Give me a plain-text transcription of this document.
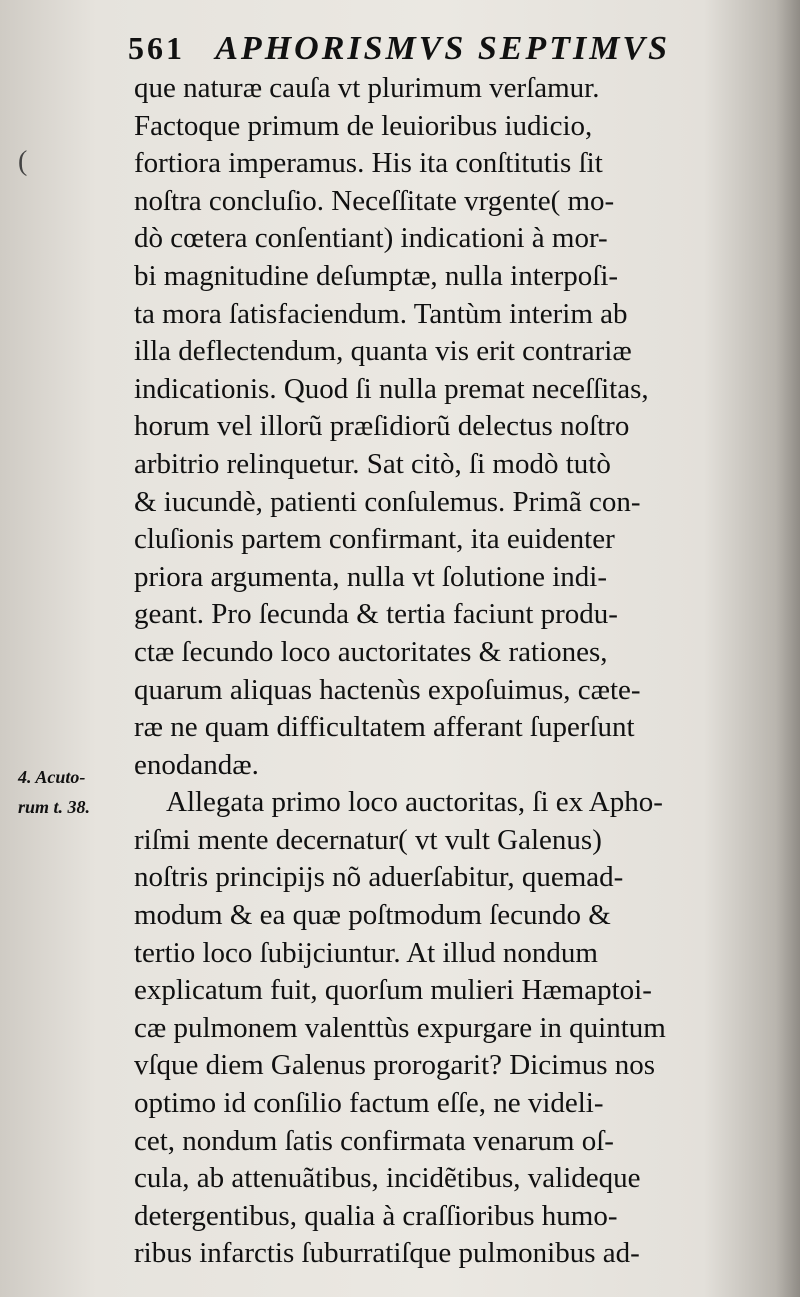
561 APHORISMVS SEPTIMVS
(
4. Acuto-
rum t. 38.
que naturæ cauſa vt plurimum verſamur.
Factoque primum de leuioribus iudicio,
fortiora imperamus. His ita conſtitutis ſit
noſtra concluſio. Neceſſitate vrgente( mo-
dò cœtera conſentiant) indicationi à mor-
bi magnitudine deſumptæ, nulla interpoſi-
ta mora ſatisfaciendum. Tantùm interim ab
illa deflectendum, quanta vis erit contrariæ
indicationis. Quod ſi nulla premat neceſſitas,
horum vel illorũ præſidiorũ delectus noſtro
arbitrio relinquetur. Sat citò, ſi modò tutò
& iucundè, patienti conſulemus. Primã con-
cluſionis partem confirmant, ita euidenter
priora argumenta, nulla vt ſolutione indi-
geant. Pro ſecunda & tertia faciunt produ-
ctæ ſecundo loco auctoritates & rationes,
quarum aliquas hactenùs expoſuimus, cæte-
ræ ne quam difficultatem afferant ſuperſunt
enodandæ.
Allegata primo loco auctoritas, ſi ex Apho-
riſmi mente decernatur( vt vult Galenus)
noſtris principijs nõ aduerſabitur, quemad-
modum & ea quæ poſtmodum ſecundo &
tertio loco ſubijciuntur. At illud nondum
explicatum fuit, quorſum mulieri Hæmaptoi-
cæ pulmonem valenttùs expurgare in quintum
vſque diem Galenus prorogarit? Dicimus nos
optimo id conſilio factum eſſe, ne videli-
cet, nondum ſatis confirmata venarum oſ-
cula, ab attenuãtibus, incidẽtibus, valideque
detergentibus, qualia à craſſioribus humo-
ribus infarctis ſuburratiſque pulmonibus ad-
